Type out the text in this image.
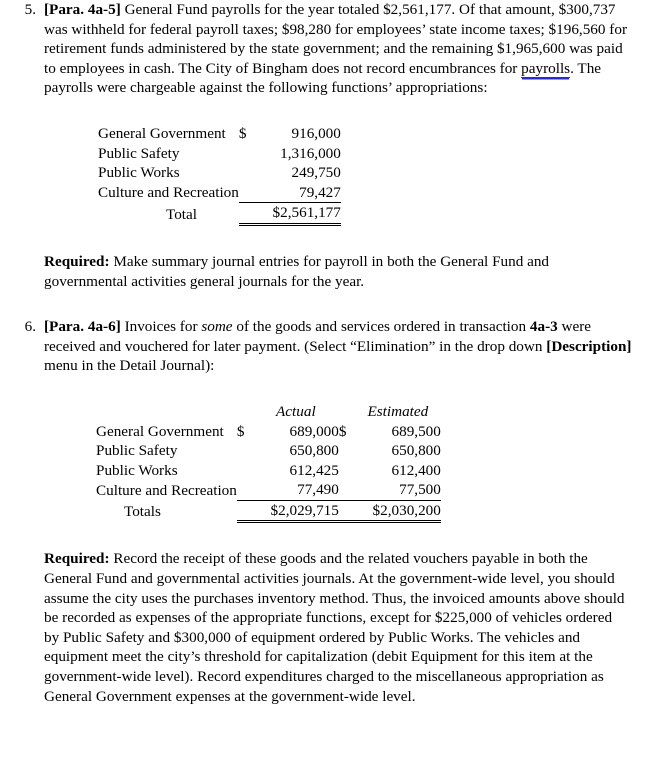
5. [Para. 4a-5] General Fund payrolls for the year totaled $2,561,177. Of that amount, $300,737 was withheld for federal payroll taxes; $98,280 for employees’ state income taxes; $196,560 for retirement funds administered by the state government; and the remaining $1,965,600 was paid to employees in cash. The City of Bingham does not record encumbrances for payrolls. The payrolls were chargeable against the following functions’ appropriations:

General Government	$	916,000
Public Safety		1,316,000
Public Works		249,750
Culture and Recreation		79,427
Total		$2,561,177

Required: Make summary journal entries for payroll in both the General Fund and governmental activities general journals for the year.

6. [Para. 4a-6] Invoices for some of the goods and services ordered in transaction 4a-3 were received and vouchered for later payment. (Select “Elimination” in the drop down [Description] menu in the Detail Journal):

		Actual		Estimated
General Government	$	689,000	$	689,500
Public Safety		650,800		650,800
Public Works		612,425		612,400
Culture and Recreation		77,490		77,500
Totals		$2,029,715		$2,030,200

Required: Record the receipt of these goods and the related vouchers payable in both the General Fund and governmental activities journals. At the government-wide level, you should assume the city uses the purchases inventory method. Thus, the invoiced amounts above should be recorded as expenses of the appropriate functions, except for $225,000 of vehicles ordered by Public Safety and $300,000 of equipment ordered by Public Works. The vehicles and equipment meet the city’s threshold for capitalization (debit Equipment for this item at the government-wide level). Record expenditures charged to the miscellaneous appropriation as General Government expenses at the government-wide level.
